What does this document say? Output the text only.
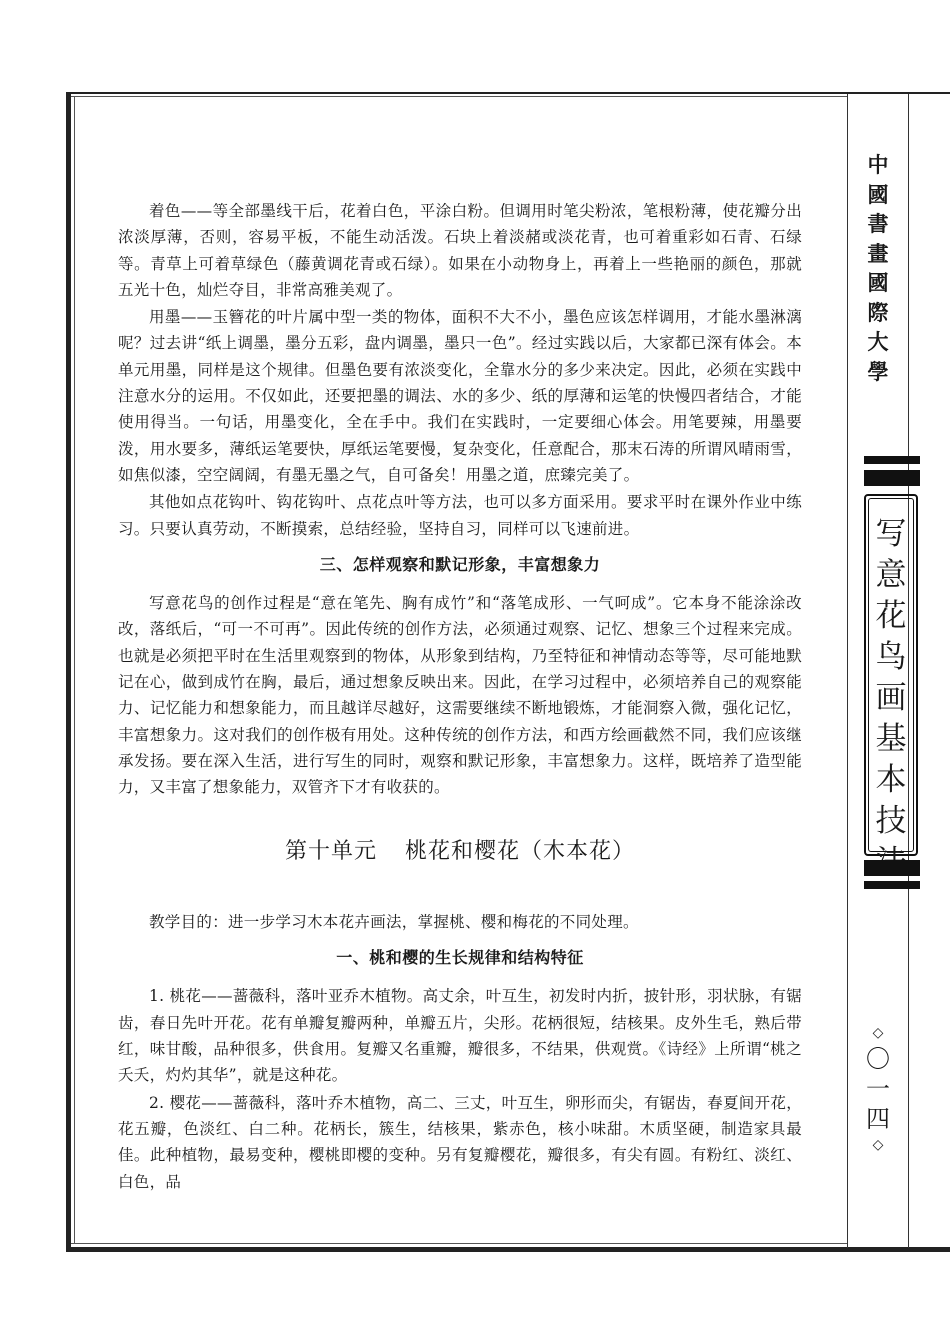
着色——等全部墨线干后，花着白色，平涂白粉。但调用时笔尖粉浓，笔根粉薄，使花瓣分出浓淡厚薄，否则，容易平板，不能生动活泼。石块上着淡赭或淡花青，也可着重彩如石青、石绿等。青草上可着草绿色（藤黄调花青或石绿）。如果在小动物身上，再着上一些艳丽的颜色，那就五光十色，灿烂夺目，非常高雅美观了。

用墨——玉簪花的叶片属中型一类的物体，面积不大不小，墨色应该怎样调用，才能水墨淋漓呢？过去讲“纸上调墨，墨分五彩，盘内调墨，墨只一色”。经过实践以后，大家都已深有体会。本单元用墨，同样是这个规律。但墨色要有浓淡变化，全靠水分的多少来决定。因此，必须在实践中注意水分的运用。不仅如此，还要把墨的调法、水的多少、纸的厚薄和运笔的快慢四者结合，才能使用得当。一句话，用墨变化，全在手中。我们在实践时，一定要细心体会。用笔要辣，用墨要泼，用水要多，薄纸运笔要快，厚纸运笔要慢，复杂变化，任意配合，那末石涛的所谓风晴雨雪，如焦似漆，空空阔阔，有墨无墨之气，自可备矣！用墨之道，庶臻完美了。

其他如点花钩叶、钩花钩叶、点花点叶等方法，也可以多方面采用。要求平时在课外作业中练习。只要认真劳动，不断摸索，总结经验，坚持自习，同样可以飞速前进。

三、怎样观察和默记形象，丰富想象力

写意花鸟的创作过程是“意在笔先、胸有成竹”和“落笔成形、一气呵成”。它本身不能涂涂改改，落纸后，“可一不可再”。因此传统的创作方法，必须通过观察、记忆、想象三个过程来完成。也就是必须把平时在生活里观察到的物体，从形象到结构，乃至特征和神情动态等等，尽可能地默记在心，做到成竹在胸，最后，通过想象反映出来。因此，在学习过程中，必须培养自己的观察能力、记忆能力和想象能力，而且越详尽越好，这需要继续不断地锻炼，才能洞察入微，强化记忆，丰富想象力。这对我们的创作极有用处。这种传统的创作方法，和西方绘画截然不同，我们应该继承发扬。要在深入生活，进行写生的同时，观察和默记形象，丰富想象力。这样，既培养了造型能力，又丰富了想象能力，双管齐下才有收获的。

第十单元 桃花和樱花（木本花）

教学目的：进一步学习木本花卉画法，掌握桃、樱和梅花的不同处理。

一、桃和樱的生长规律和结构特征

1. 桃花——蔷薇科，落叶亚乔木植物。高丈余，叶互生，初发时内折，披针形，羽状脉，有锯齿，春日先叶开花。花有单瓣复瓣两种，单瓣五片，尖形。花柄很短，结核果。皮外生毛，熟后带红，味甘酸，品种很多，供食用。复瓣又名重瓣，瓣很多，不结果，供观赏。《诗经》上所谓“桃之夭夭，灼灼其华”，就是这种花。

2. 樱花——蔷薇科，落叶乔木植物，高二、三丈，叶互生，卵形而尖，有锯齿，春夏间开花，花五瓣，色淡红、白二种。花柄长，簇生，结核果，紫赤色，核小味甜。木质坚硬，制造家具最佳。此种植物，最易变种，樱桃即樱的变种。另有复瓣樱花，瓣很多，有尖有圆。有粉红、淡红、白色，品

中
國
書
畫
國
際
大
學
写
意
花
鸟
画
基
本
技
◇
〇
一
四
◇
